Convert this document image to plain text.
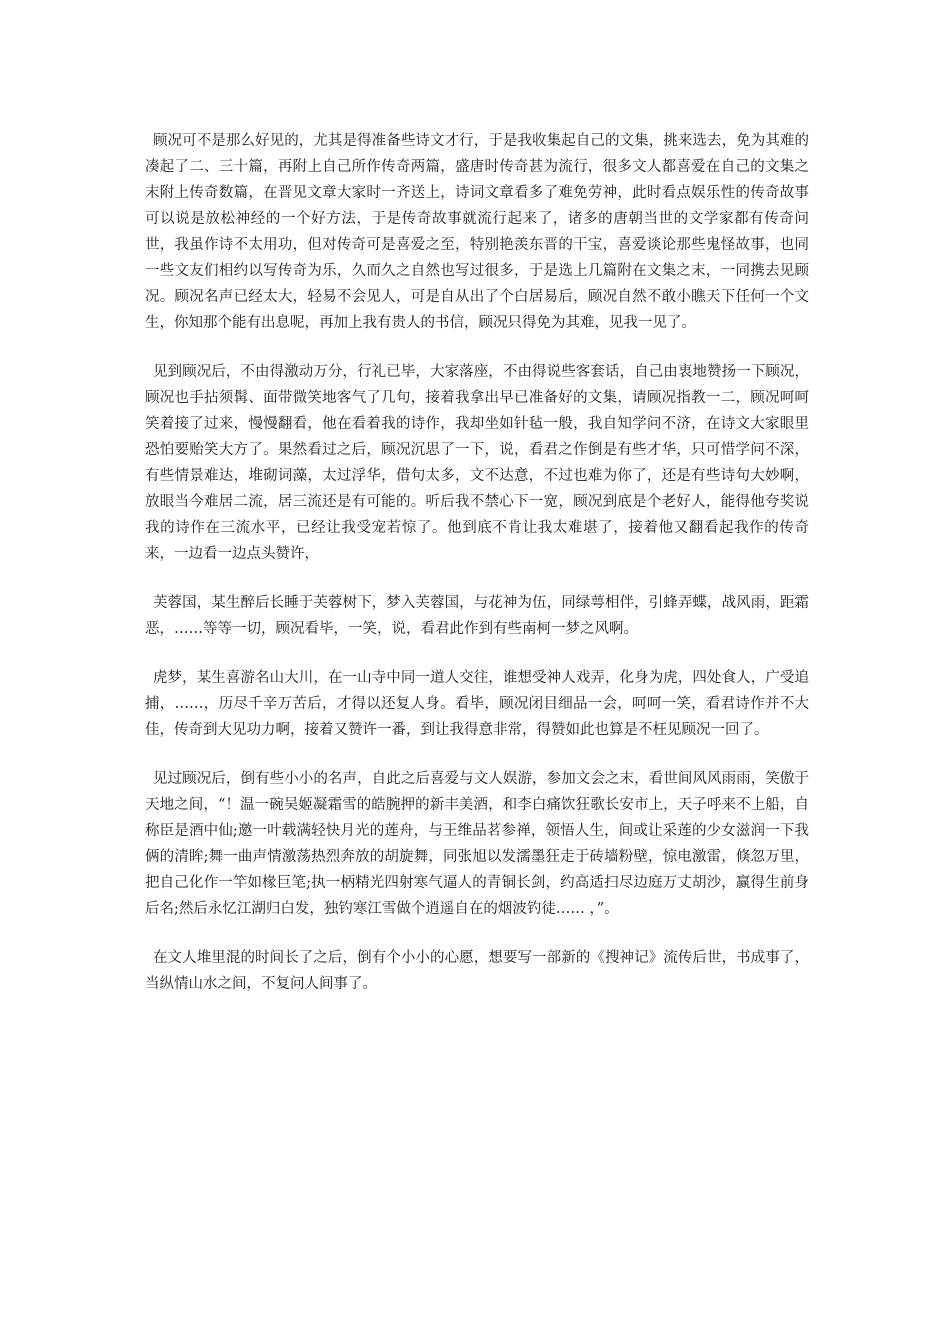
顾况可不是那么好见的，尤其是得准备些诗文才行，于是我收集起自己的文集，挑来选去，免为其难的凑起了二、三十篇，再附上自己所作传奇两篇，盛唐时传奇甚为流行，很多文人都喜爱在自己的文集之末附上传奇数篇，在晋见文章大家时一齐送上，诗词文章看多了难免劳神，此时看点娱乐性的传奇故事可以说是放松神经的一个好方法，于是传奇故事就流行起来了，诸多的唐朝当世的文学家都有传奇问世，我虽作诗不太用功，但对传奇可是喜爱之至，特别艳羡东晋的干宝，喜爱谈论那些鬼怪故事，也同一些文友们相约以写传奇为乐，久而久之自然也写过很多，于是选上几篇附在文集之末，一同携去见顾况。顾况名声已经太大，轻易不会见人，可是自从出了个白居易后，顾况自然不敢小瞧天下任何一个文生，你知那个能有出息呢，再加上我有贵人的书信，顾况只得免为其难，见我一见了。

见到顾况后，不由得激动万分，行礼已毕，大家落座，不由得说些客套话，自己由衷地赞扬一下顾况，顾况也手拈须髯、面带微笑地客气了几句，接着我拿出早已准备好的文集，请顾况指教一二，顾况呵呵笑着接了过来，慢慢翻看，他在看着我的诗作，我却坐如针毡一般，我自知学问不济，在诗文大家眼里恐怕要贻笑大方了。果然看过之后，顾况沉思了一下，说，看君之作倒是有些才华，只可惜学问不深，有些情景难达，堆砌词藻，太过浮华，借句太多，文不达意，不过也难为你了，还是有些诗句大妙啊，放眼当今难居二流，居三流还是有可能的。听后我不禁心下一宽，顾况到底是个老好人，能得他夸奖说我的诗作在三流水平，已经让我受宠若惊了。他到底不肯让我太难堪了，接着他又翻看起我作的传奇来，一边看一边点头赞许，

芙蓉国，某生醉后长睡于芙蓉树下，梦入芙蓉国，与花神为伍，同绿萼相伴，引蜂弄蝶，战风雨，距霜恶，……等等一切，顾况看毕，一笑，说，看君此作到有些南柯一梦之风啊。

虎梦，某生喜游名山大川，在一山寺中同一道人交往，谁想受神人戏弄，化身为虎，四处食人，广受追捕，……，历尽千辛万苦后，才得以还复人身。看毕，顾况闭目细品一会，呵呵一笑，看君诗作并不大佳，传奇到大见功力啊，接着又赞许一番，到让我得意非常，得赞如此也算是不枉见顾况一回了。

见过顾况后，倒有些小小的名声，自此之后喜爱与文人娱游，参加文会之末，看世间风风雨雨，笑傲于天地之间，“！温一碗吴姬凝霜雪的皓腕押的新丰美酒，和李白痛饮狂歌长安市上，天子呼来不上船，自称臣是酒中仙;邀一叶载满轻快月光的莲舟，与王维品茗参禅，领悟人生，间或让采莲的少女滋润一下我俩的清眸;舞一曲声情激荡热烈奔放的胡旋舞，同张旭以发濡墨狂走于砖墙粉壁，惊电激雷，倏忽万里，把自己化作一竿如椽巨笔;执一柄精光四射寒气逼人的青铜长剑，约高适扫尽边庭万丈胡沙，赢得生前身后名;然后永忆江湖归白发，独钓寒江雪做个逍遥自在的烟波钓徒…… ，”。

在文人堆里混的时间长了之后，倒有个小小的心愿，想要写一部新的《搜神记》流传后世，书成事了，当纵情山水之间，不复问人间事了。
